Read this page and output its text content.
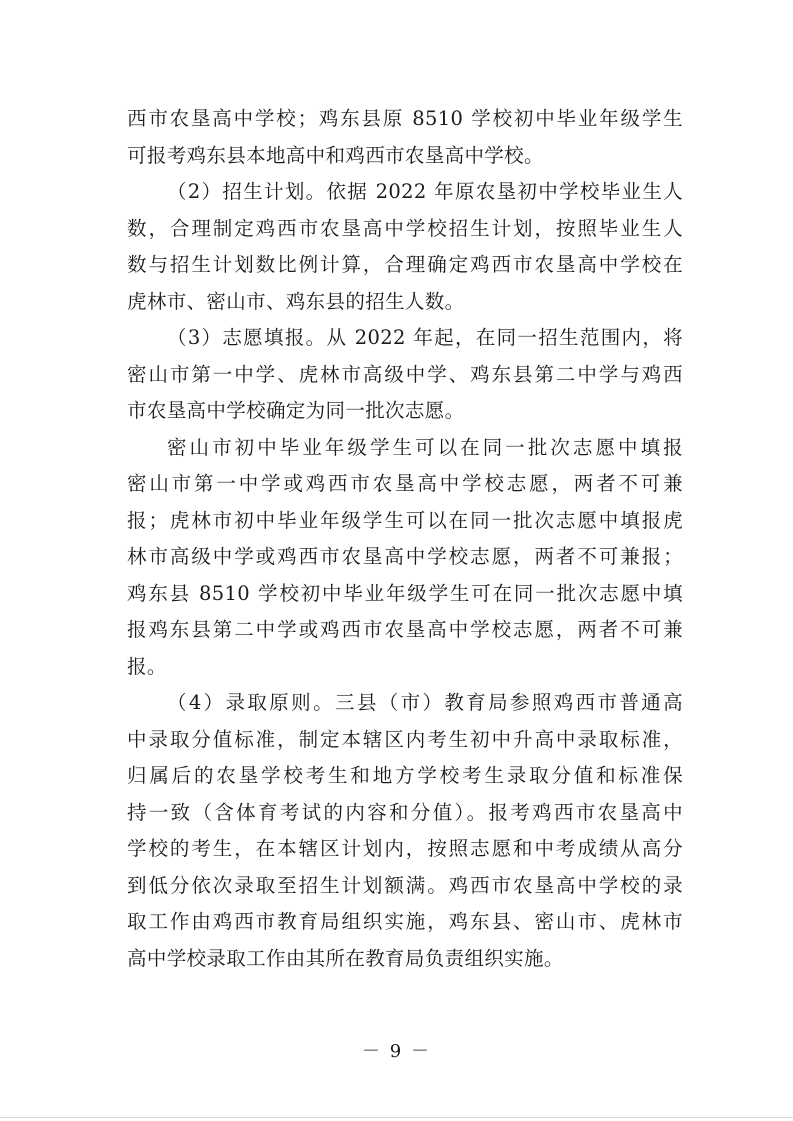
西市农垦高中学校；鸡东县原 8510 学校初中毕业年级学生
可报考鸡东县本地高中和鸡西市农垦高中学校。
（2）招生计划。依据 2022 年原农垦初中学校毕业生人
数，合理制定鸡西市农垦高中学校招生计划，按照毕业生人
数与招生计划数比例计算，合理确定鸡西市农垦高中学校在
虎林市、密山市、鸡东县的招生人数。
（3）志愿填报。从 2022 年起，在同一招生范围内，将
密山市第一中学、虎林市高级中学、鸡东县第二中学与鸡西
市农垦高中学校确定为同一批次志愿。
密山市初中毕业年级学生可以在同一批次志愿中填报
密山市第一中学或鸡西市农垦高中学校志愿，两者不可兼
报；虎林市初中毕业年级学生可以在同一批次志愿中填报虎
林市高级中学或鸡西市农垦高中学校志愿，两者不可兼报；
鸡东县 8510 学校初中毕业年级学生可在同一批次志愿中填
报鸡东县第二中学或鸡西市农垦高中学校志愿，两者不可兼
报。
（4）录取原则。三县（市）教育局参照鸡西市普通高
中录取分值标准，制定本辖区内考生初中升高中录取标准，
归属后的农垦学校考生和地方学校考生录取分值和标准保
持一致（含体育考试的内容和分值）。报考鸡西市农垦高中
学校的考生，在本辖区计划内，按照志愿和中考成绩从高分
到低分依次录取至招生计划额满。鸡西市农垦高中学校的录
取工作由鸡西市教育局组织实施，鸡东县、密山市、虎林市
高中学校录取工作由其所在教育局负责组织实施。
－ 9 －
